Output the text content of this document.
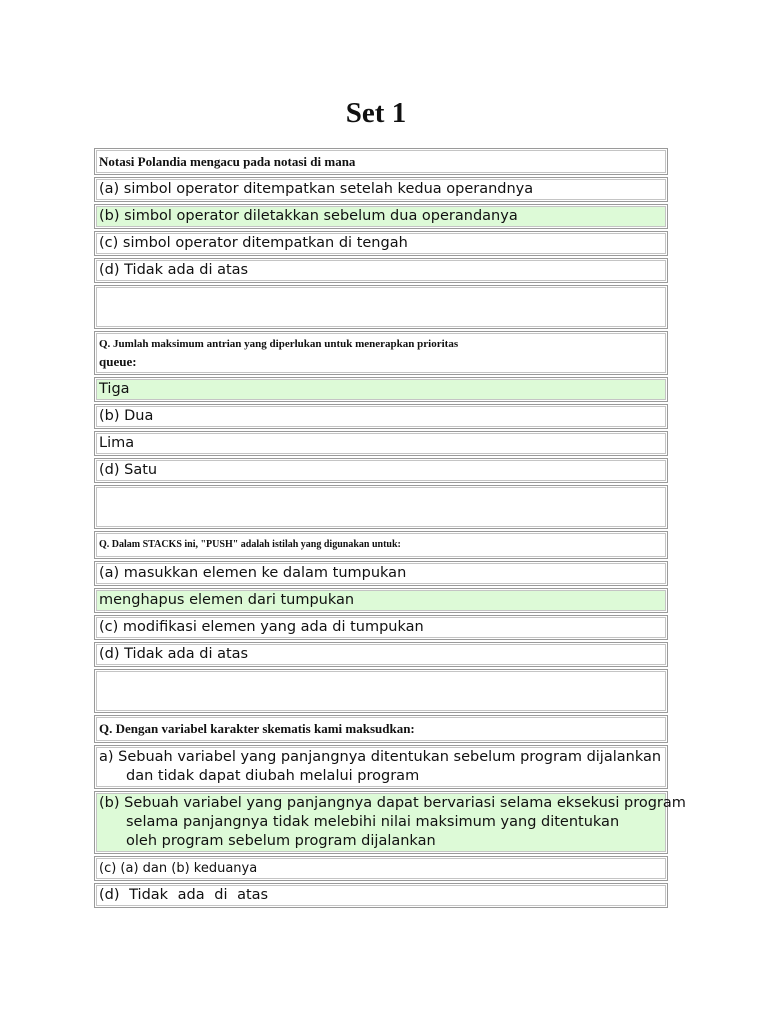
Set 1
Notasi Polandia mengacu pada notasi di mana
(a) simbol operator ditempatkan setelah kedua operandnya
(b) simbol operator diletakkan sebelum dua operandanya
(c) simbol operator ditempatkan di tengah
(d) Tidak ada di atas
Q. Jumlah maksimum antrian yang diperlukan untuk menerapkan prioritas
queue:
Tiga
(b) Dua
Lima
(d) Satu
Q. Dalam STACKS ini, "PUSH" adalah istilah yang digunakan untuk:
(a) masukkan elemen ke dalam tumpukan
menghapus elemen dari tumpukan
(c) modifikasi elemen yang ada di tumpukan
(d) Tidak ada di atas
Q. Dengan variabel karakter skematis kami maksudkan:
a) Sebuah variabel yang panjangnya ditentukan sebelum program dijalankan
dan tidak dapat diubah melalui program
(b) Sebuah variabel yang panjangnya dapat bervariasi selama eksekusi program
selama panjangnya tidak melebihi nilai maksimum yang ditentukan
oleh program sebelum program dijalankan
(c) (a) dan (b) keduanya
(d) Tidak ada di atas
